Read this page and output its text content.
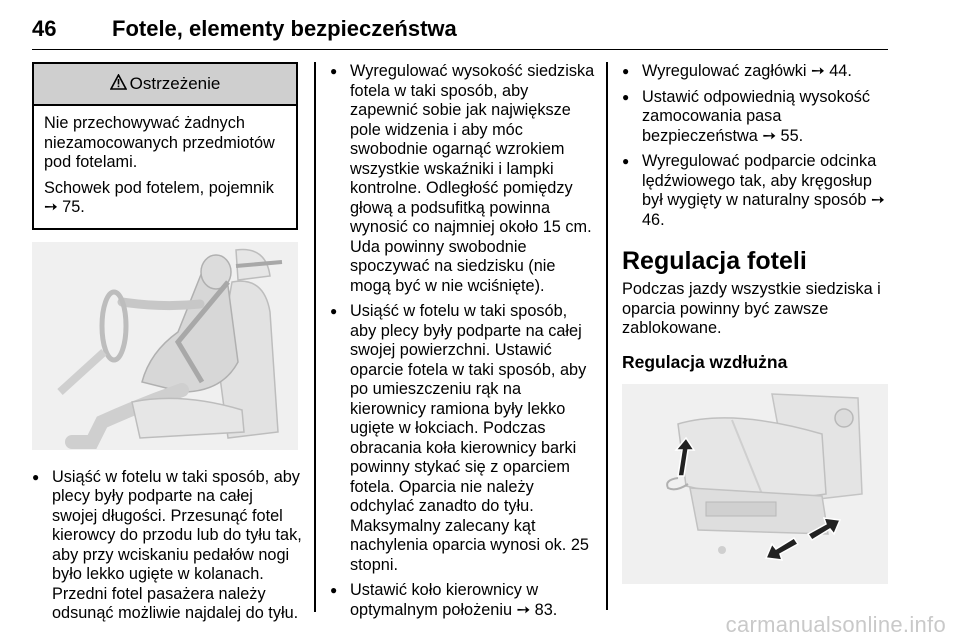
46	Fotele, elementy bezpieczeństwa
Ostrzeżenie

Nie przechowywać żadnych niezamocowanych przedmiotów pod fotelami.

Schowek pod fotelem, pojemnik ➙ 75.

● Usiąść w fotelu w taki sposób, aby plecy były podparte na całej swojej długości. Przesunąć fotel kierowcy do przodu lub do tyłu tak, aby przy wciskaniu pedałów nogi było lekko ugięte w kolanach. Przedni fotel pasażera należy odsunąć możliwie najdalej do tyłu.
● Wyregulować wysokość siedziska fotela w taki sposób, aby zapewnić sobie jak największe pole widzenia i aby móc swobodnie ogarnąć wzrokiem wszystkie wskaźniki i lampki kontrolne. Odległość pomiędzy głową a podsufitką powinna wynosić co najmniej około 15 cm. Uda powinny swobodnie spoczywać na siedzisku (nie mogą być w nie wciśnięte).
● Usiąść w fotelu w taki sposób, aby plecy były podparte na całej swojej powierzchni. Ustawić oparcie fotela w taki sposób, aby po umieszczeniu rąk na kierownicy ramiona były lekko ugięte w łokciach. Podczas obracania koła kierownicy barki powinny stykać się z oparciem fotela. Oparcia nie należy odchylać zanadto do tyłu. Maksymalny zalecany kąt nachylenia oparcia wynosi ok. 25 stopni.
● Ustawić koło kierownicy w optymalnym położeniu ➙ 83.
● Wyregulować zagłówki ➙ 44.
● Ustawić odpowiednią wysokość zamocowania pasa bezpieczeństwa ➙ 55.
● Wyregulować podparcie odcinka lędźwiowego tak, aby kręgosłup był wygięty w naturalny sposób ➙ 46.
Regulacja foteli

Podczas jazdy wszystkie siedziska i oparcia powinny być zawsze zablokowane.

Regulacja wzdłużna
carmanualsonline.info
